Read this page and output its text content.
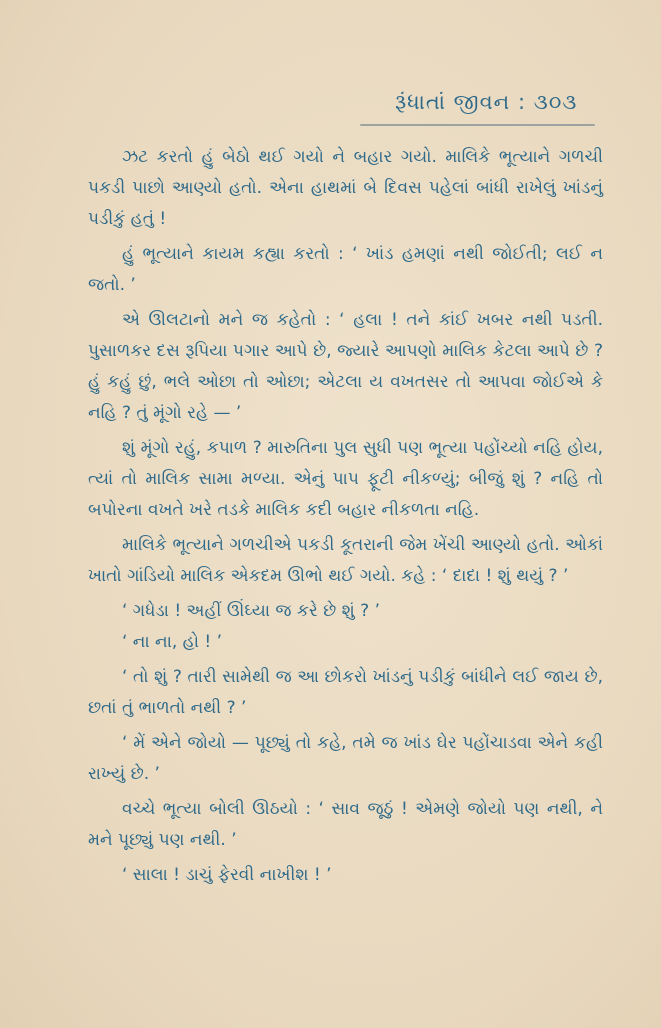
રૂંધાતાં જીવન : ૩૦૩

ઝટ કરતો હું બેઠો થઈ ગયો ને બહાર ગયો. માલિકે ભૂત્યાને ગળચી પકડી પાછો આણ્યો હતો. એના હાથમાં બે દિવસ પહેલાં બાંધી રાખેલું ખાંડનું પડીકું હતું !

હું ભૂત્યાને કાયમ કહ્યા કરતો : ‘ ખાંડ હમણાં નથી જોઈતી; લઈ ન જતો. ’

એ ઊલટાનો મને જ કહેતો : ‘ હલા ! તને કાંઈ ખબર નથી પડતી. પુસાળકર દસ રૂપિયા પગાર આપે છે, જ્યારે આપણો માલિક કેટલા આપે છે ? હું કહું છું, ભલે ઓછા તો ઓછા; એટલા ય વખતસર તો આપવા જોઈએ કે નહિ ? તું મૂંગો રહે — ’

શું મૂંગો રહું, કપાળ ? મારુતિના પુલ સુધી પણ ભૂત્યા પહોંચ્યો નહિ હોય, ત્યાં તો માલિક સામા મળ્યા. એનું પાપ ફૂટી નીકળ્યું; બીજું શું ? નહિ તો બપોરના વખતે ખરે તડકે માલિક કદી બહાર નીકળતા નહિ.

માલિકે ભૂત્યાને ગળચીએ પકડી કૂતરાની જેમ ખેંચી આણ્યો હતો. ઓકાં ખાતો ગાંડિયો માલિક એકદમ ઊભો થઈ ગયો. કહે : ‘ દાદા ! શું થયું ? ’

‘ ગધેડા ! અહીં ઊંઘ્યા જ કરે છે શું ? ’

‘ ના ના, હો ! ’

‘ તો શું ? તારી સામેથી જ આ છોકરો ખાંડનું પડીકું બાંધીને લઈ જાય છે, છતાં તું ભાળતો નથી ? ’

‘ મેં એને જોયો — પૂછ્યું તો કહે, તમે જ ખાંડ ઘેર પહોંચાડવા એને કહી રાખ્યું છે. ’

વચ્ચે ભૂત્યા બોલી ઊઠયો : ‘ સાવ જૂઠું ! એમણે જોયો પણ નથી, ને મને પૂછ્યું પણ નથી. ’

‘ સાલા ! ડાચું ફેરવી નાખીશ ! ’
